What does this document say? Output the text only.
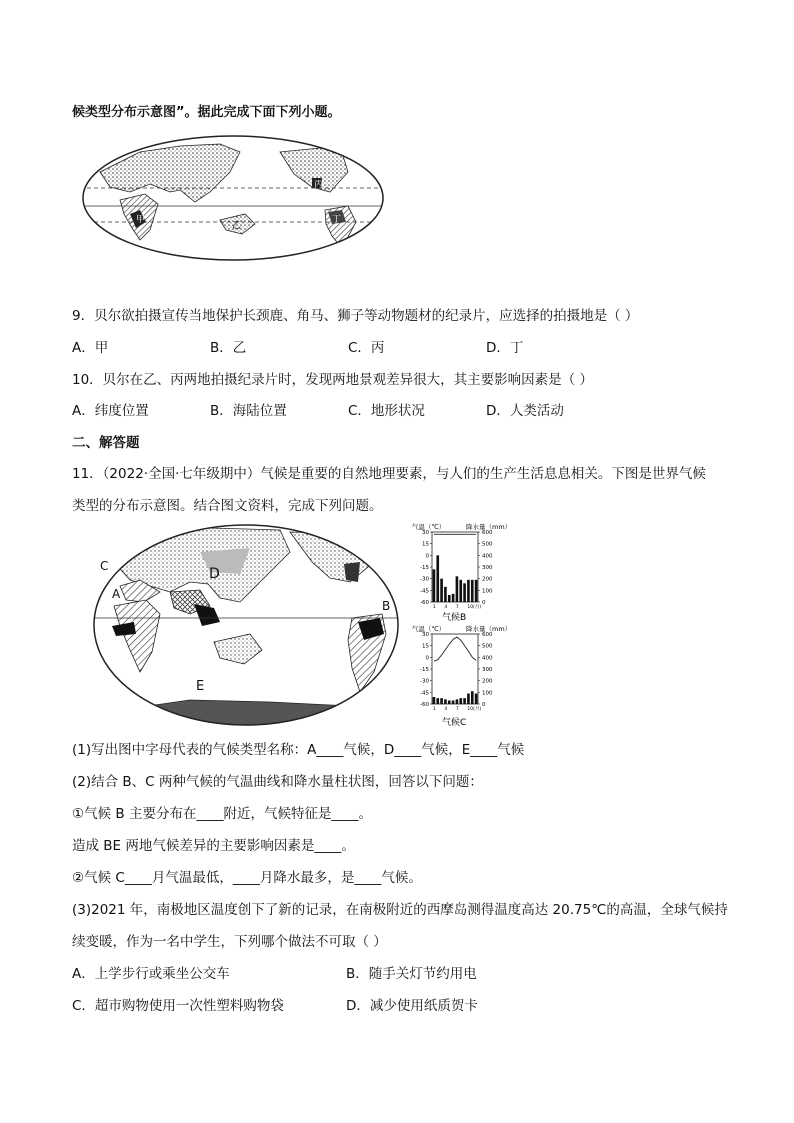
候类型分布示意图”。据此完成下面下列小题。
甲
乙
丙
丁
9．贝尔欲拍摄宣传当地保护长颈鹿、角马、狮子等动物题材的纪录片，应选择的拍摄地是（ ）
A．甲	B．乙	C．丙	D．丁
10．贝尔在乙、丙两地拍摄纪录片时，发现两地景观差异很大，其主要影响因素是（ ）
A．纬度位置	B．海陆位置	C．地形状况	D．人类活动
二、解答题
11．（2022·全国·七年级期中）气候是重要的自然地理要素，与人们的生产生活息息相关。下图是世界气候
类型的分布示意图。结合图文资料，完成下列问题。
C	D
A
B
E
气温（℃）	降水量（mm）
气候B
30
15
0
-15
-30
-45
-60
600
500
400
300
200
100
0
1 4 7 10(月)
气温（℃）	降水量（mm）
气候C
30
15
0
-15
-30
-45
-60
600
500
400
300
200
100
0
1 4 7 10(月)
(1)写出图中字母代表的气候类型名称：A____气候，D____气候，E____气候
(2)结合 B、C 两种气候的气温曲线和降水量柱状图，回答以下问题：
①气候 B 主要分布在____附近，气候特征是____。
造成 BE 两地气候差异的主要影响因素是____。
②气候 C____月气温最低，____月降水最多，是____气候。
(3)2021 年，南极地区温度创下了新的记录，在南极附近的西摩岛测得温度高达 20.75℃的高温，全球气候持
续变暖，作为一名中学生，下列哪个做法不可取（ ）
A．上学步行或乘坐公交车	B．随手关灯节约用电
C．超市购物使用一次性塑料购物袋	D．减少使用纸质贺卡
